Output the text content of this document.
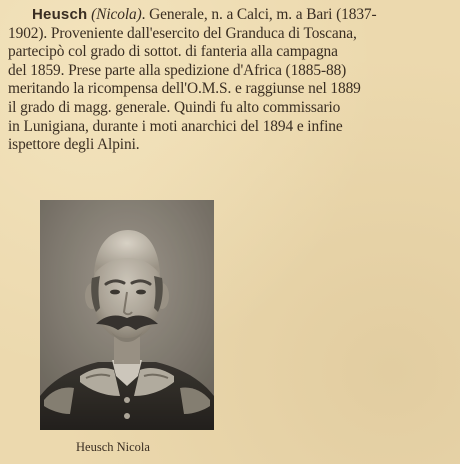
Heusch (Nicola). Generale, n. a Calci, m. a Bari (1837-
1902). Proveniente dall'esercito del Granduca di Toscana,
partecipò col grado di sottot. di fanteria alla campagna
del 1859. Prese parte alla spedizione d'Africa (1885-88)
meritando la ricompensa dell'O.M.S. e raggiunse nel 1889
il grado di magg. generale. Quindi fu alto commissario
in Lunigiana, durante i moti anarchici del 1894 e infine
ispettore degli Alpini.
Heusch Nicola
